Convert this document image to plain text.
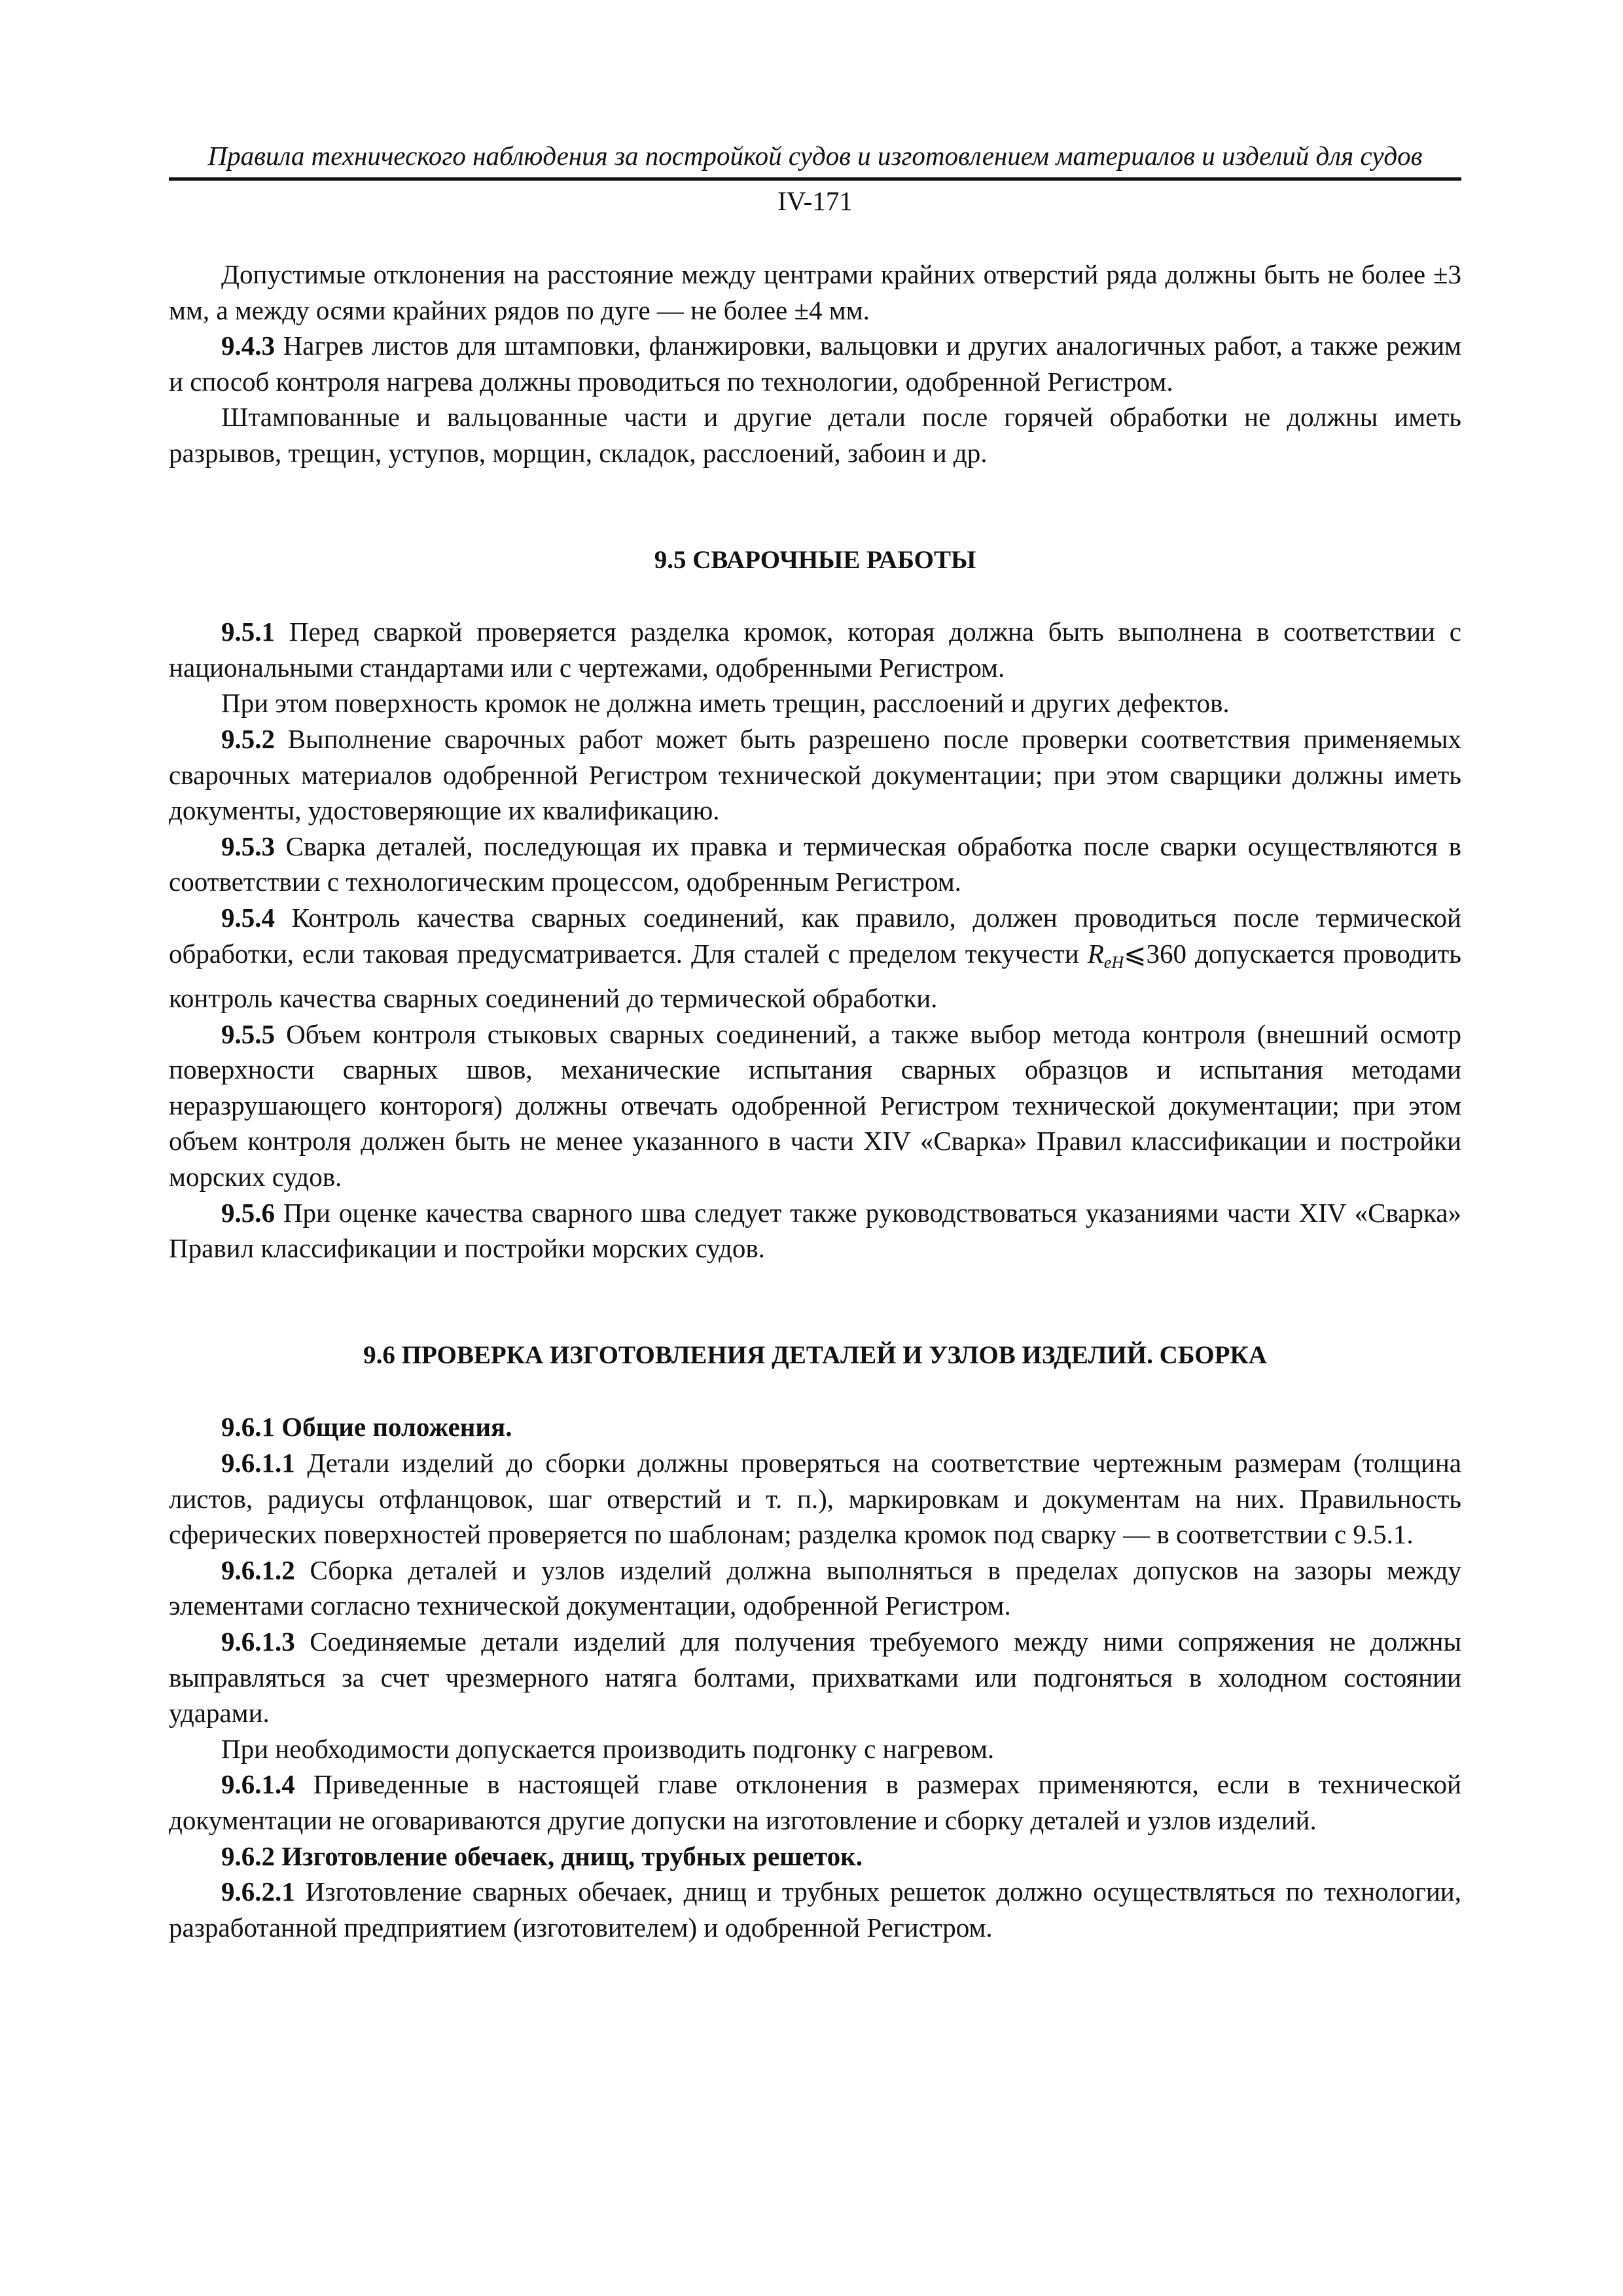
Правила технического наблюдения за постройкой судов и изготовлением материалов и изделий для судов
IV-171

Допустимые отклонения на расстояние между центрами крайних отверстий ряда должны быть не более ±3 мм, а между осями крайних рядов по дуге — не более ±4 мм.

9.4.3 Нагрев листов для штамповки, фланжировки, вальцовки и других аналогичных работ, а также режим и способ контроля нагрева должны проводиться по технологии, одобренной Регистром.

Штампованные и вальцованные части и другие детали после горячей обработки не должны иметь разрывов, трещин, уступов, морщин, складок, расслоений, забоин и др.

9.5 СВАРОЧНЫЕ РАБОТЫ

9.5.1 Перед сваркой проверяется разделка кромок, которая должна быть выполнена в соответствии с национальными стандартами или с чертежами, одобренными Регистром.

При этом поверхность кромок не должна иметь трещин, расслоений и других дефектов.

9.5.2 Выполнение сварочных работ может быть разрешено после проверки соответствия применяемых сварочных материалов одобренной Регистром технической документации; при этом сварщики должны иметь документы, удостоверяющие их квалификацию.

9.5.3 Сварка деталей, последующая их правка и термическая обработка после сварки осуществляются в соответствии с технологическим процессом, одобренным Регистром.

9.5.4 Контроль качества сварных соединений, как правило, должен проводиться после термической обработки, если таковая предусматривается. Для сталей с пределом текучести $R_{eH}⩽360$ допускается проводить контроль качества сварных соединений до термической обработки.

9.5.5 Объем контроля стыковых сварных соединений, а также выбор метода контроля (внешний осмотр поверхности сварных швов, механические испытания сварных образцов и испытания методами неразрушающего конторогя) должны отвечать одобренной Регистром технической документации; при этом объем контроля должен быть не менее указанного в части XIV «Сварка» Правил классификации и постройки морских судов.

9.5.6 При оценке качества сварного шва следует также руководствоваться указаниями части XIV «Сварка» Правил классификации и постройки морских судов.

9.6 ПРОВЕРКА ИЗГОТОВЛЕНИЯ ДЕТАЛЕЙ И УЗЛОВ ИЗДЕЛИЙ. СБОРКА

9.6.1 Общие положения.

9.6.1.1 Детали изделий до сборки должны проверяться на соответствие чертежным размерам (толщина листов, радиусы отфланцовок, шаг отверстий и т. п.), маркировкам и документам на них. Правильность сферических поверхностей проверяется по шаблонам; разделка кромок под сварку — в соответствии с 9.5.1.

9.6.1.2 Сборка деталей и узлов изделий должна выполняться в пределах допусков на зазоры между элементами согласно технической документации, одобренной Регистром.

9.6.1.3 Соединяемые детали изделий для получения требуемого между ними сопряжения не должны выправляться за счет чрезмерного натяга болтами, прихватками или подгоняться в холодном состоянии ударами.

При необходимости допускается производить подгонку с нагревом.

9.6.1.4 Приведенные в настоящей главе отклонения в размерах применяются, если в технической документации не оговариваются другие допуски на изготовление и сборку деталей и узлов изделий.

9.6.2 Изготовление обечаек, днищ, трубных решеток.

9.6.2.1 Изготовление сварных обечаек, днищ и трубных решеток должно осуществляться по технологии, разработанной предприятием (изготовителем) и одобренной Регистром.
